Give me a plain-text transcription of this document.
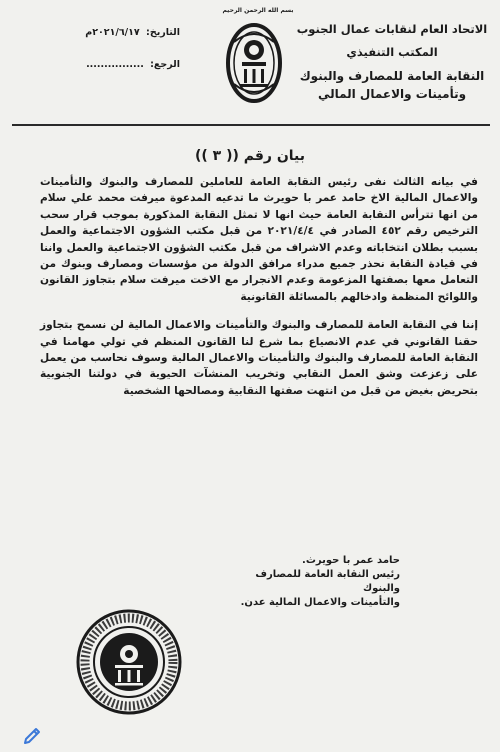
بسم الله الرحمن الرحيم
الاتحاد العام لنقابات عمال الجنوب
المكتب التنفيذي
النقابة العامة للمصارف والبنوك
وتأمينات والاعمال المالي
التاريخ: ٢٠٢١/٦/١٧م
الرجع: ................
بيان رقم (( ٣ ))

في بيانه الثالث نفى رئيس النقابة العامة للعاملين للمصارف والبنوك والتأمينات والاعمال المالية الاخ حامد عمر با حويرث ما تدعيه المدعوة ميرفت محمد علي سلام من انها تترأس النقابة العامة حيث انها لا تمثل النقابة المذكورة بموجب قرار سحب الترخيص رقم ٤٥٢ الصادر في ٢٠٢١/٤/٤ من قبل مكتب الشؤون الاجتماعية والعمل بسبب بطلان انتخاباته وعدم الاشراف من قبل مكتب الشؤون الاجتماعية والعمل واننا في قيادة النقابة نحذر جميع مدراء مرافق الدولة من مؤسسات ومصارف وبنوك من التعامل معها بصفتها المزعومة وعدم الانجرار مع الاخت ميرفت سلام بتجاوز القانون واللوائح المنظمة وادخالهم بالمسائلة القانونية

إننا في النقابة العامة للمصارف والبنوك والتأمينات والاعمال المالية لن نسمح بتجاوز حقنا القانوني في عدم الانصياع بما شرع لنا القانون المنظم في تولي مهامنا في النقابة العامة للمصارف والبنوك والتأمينات والاعمال المالية وسوف نحاسب من يعمل على زعزعت وشق العمل النقابي وتخريب المنشآت الحيوية في دولتنا الجنوبية بتحريض بغيض من قبل من انتهت صفتها النقابية ومصالحها الشخصية

حامد عمر با حويرث.
رئيس النقابة العامة للمصارف والبنوك
والتأمينات والاعمال المالية عدن.
